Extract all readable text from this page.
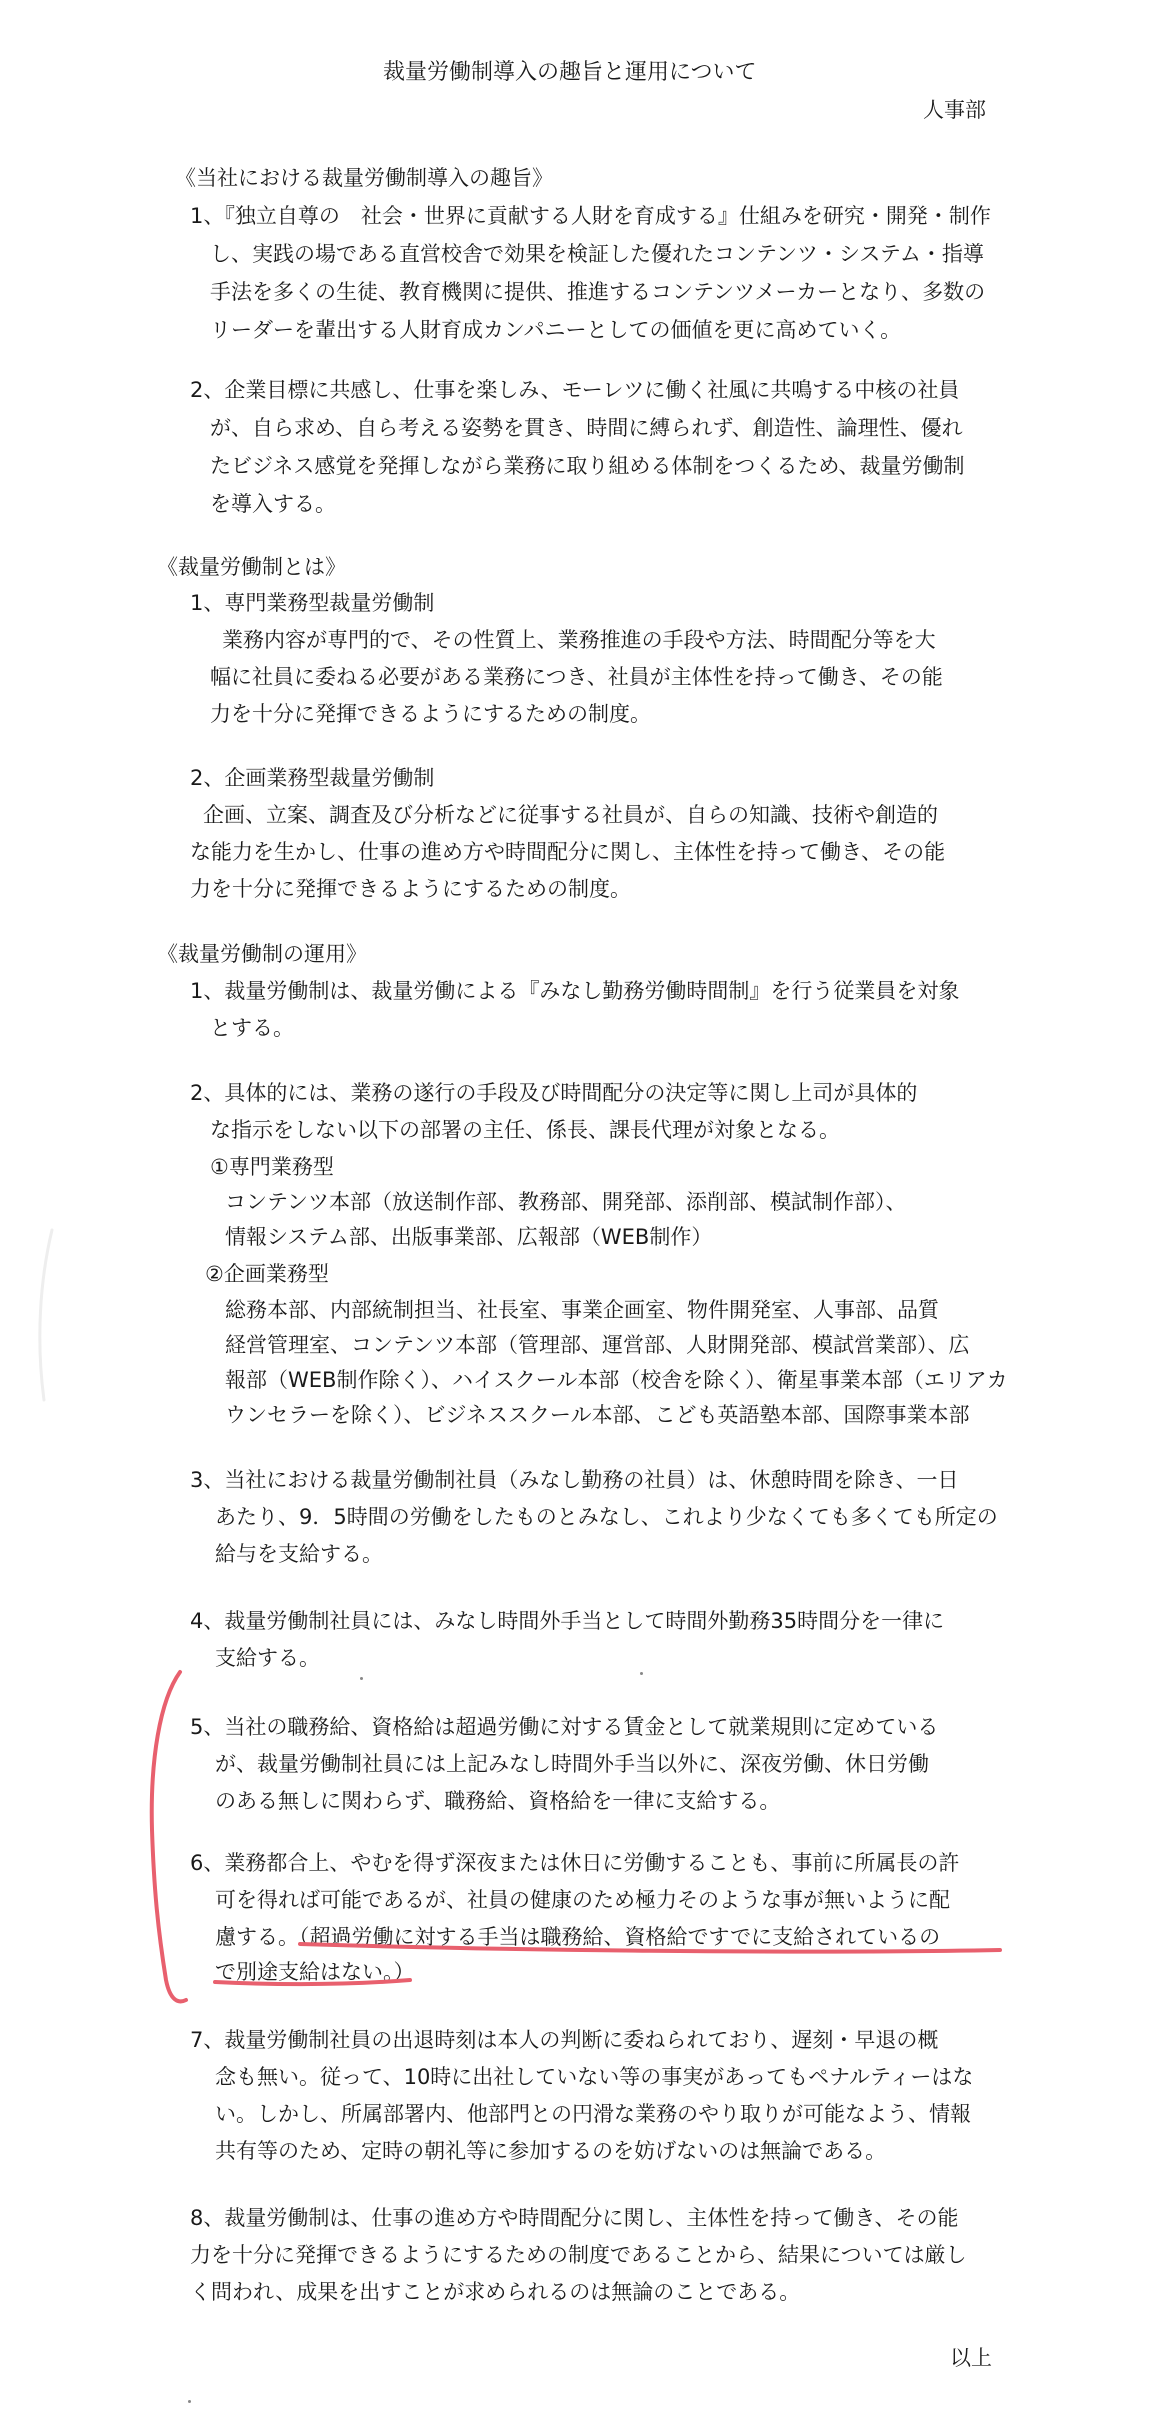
裁量労働制導入の趣旨と運用について
人事部
《当社における裁量労働制導入の趣旨》
1、『独立自尊の　社会・世界に貢献する人財を育成する』仕組みを研究・開発・制作
し、実践の場である直営校舎で効果を検証した優れたコンテンツ・システム・指導
手法を多くの生徒、教育機関に提供、推進するコンテンツメーカーとなり、多数の
リーダーを輩出する人財育成カンパニーとしての価値を更に高めていく。
2、企業目標に共感し、仕事を楽しみ、モーレツに働く社風に共鳴する中核の社員
が、自ら求め、自ら考える姿勢を貫き、時間に縛られず、創造性、論理性、優れ
たビジネス感覚を発揮しながら業務に取り組める体制をつくるため、裁量労働制
を導入する。
《裁量労働制とは》
1、専門業務型裁量労働制
業務内容が専門的で、その性質上、業務推進の手段や方法、時間配分等を大
幅に社員に委ねる必要がある業務につき、社員が主体性を持って働き、その能
力を十分に発揮できるようにするための制度。
2、企画業務型裁量労働制
企画、立案、調査及び分析などに従事する社員が、自らの知識、技術や創造的
な能力を生かし、仕事の進め方や時間配分に関し、主体性を持って働き、その能
力を十分に発揮できるようにするための制度。
《裁量労働制の運用》
1、裁量労働制は、裁量労働による『みなし勤務労働時間制』を行う従業員を対象
とする。
2、具体的には、業務の遂行の手段及び時間配分の決定等に関し上司が具体的
な指示をしない以下の部署の主任、係長、課長代理が対象となる。
①専門業務型
コンテンツ本部（放送制作部、教務部、開発部、添削部、模試制作部）、
情報システム部、出版事業部、広報部（WEB制作）
②企画業務型
総務本部、内部統制担当、社長室、事業企画室、物件開発室、人事部、品質
経営管理室、コンテンツ本部（管理部、運営部、人財開発部、模試営業部）、広
報部（WEB制作除く）、ハイスクール本部（校舎を除く）、衛星事業本部（エリアカ
ウンセラーを除く）、ビジネススクール本部、こども英語塾本部、国際事業本部
3、当社における裁量労働制社員（みなし勤務の社員）は、休憩時間を除き、一日
あたり、9．5時間の労働をしたものとみなし、これより少なくても多くても所定の
給与を支給する。
4、裁量労働制社員には、みなし時間外手当として時間外勤務35時間分を一律に
支給する。
5、当社の職務給、資格給は超過労働に対する賃金として就業規則に定めている
が、裁量労働制社員には上記みなし時間外手当以外に、深夜労働、休日労働
のある無しに関わらず、職務給、資格給を一律に支給する。
6、業務都合上、やむを得ず深夜または休日に労働することも、事前に所属長の許
可を得れば可能であるが、社員の健康のため極力そのような事が無いように配
慮する。（超過労働に対する手当は職務給、資格給ですでに支給されているの
で別途支給はない。）
7、裁量労働制社員の出退時刻は本人の判断に委ねられており、遅刻・早退の概
念も無い。従って、10時に出社していない等の事実があってもペナルティーはな
い。しかし、所属部署内、他部門との円滑な業務のやり取りが可能なよう、情報
共有等のため、定時の朝礼等に参加するのを妨げないのは無論である。
8、裁量労働制は、仕事の進め方や時間配分に関し、主体性を持って働き、その能
力を十分に発揮できるようにするための制度であることから、結果については厳し
く問われ、成果を出すことが求められるのは無論のことである。
以上
